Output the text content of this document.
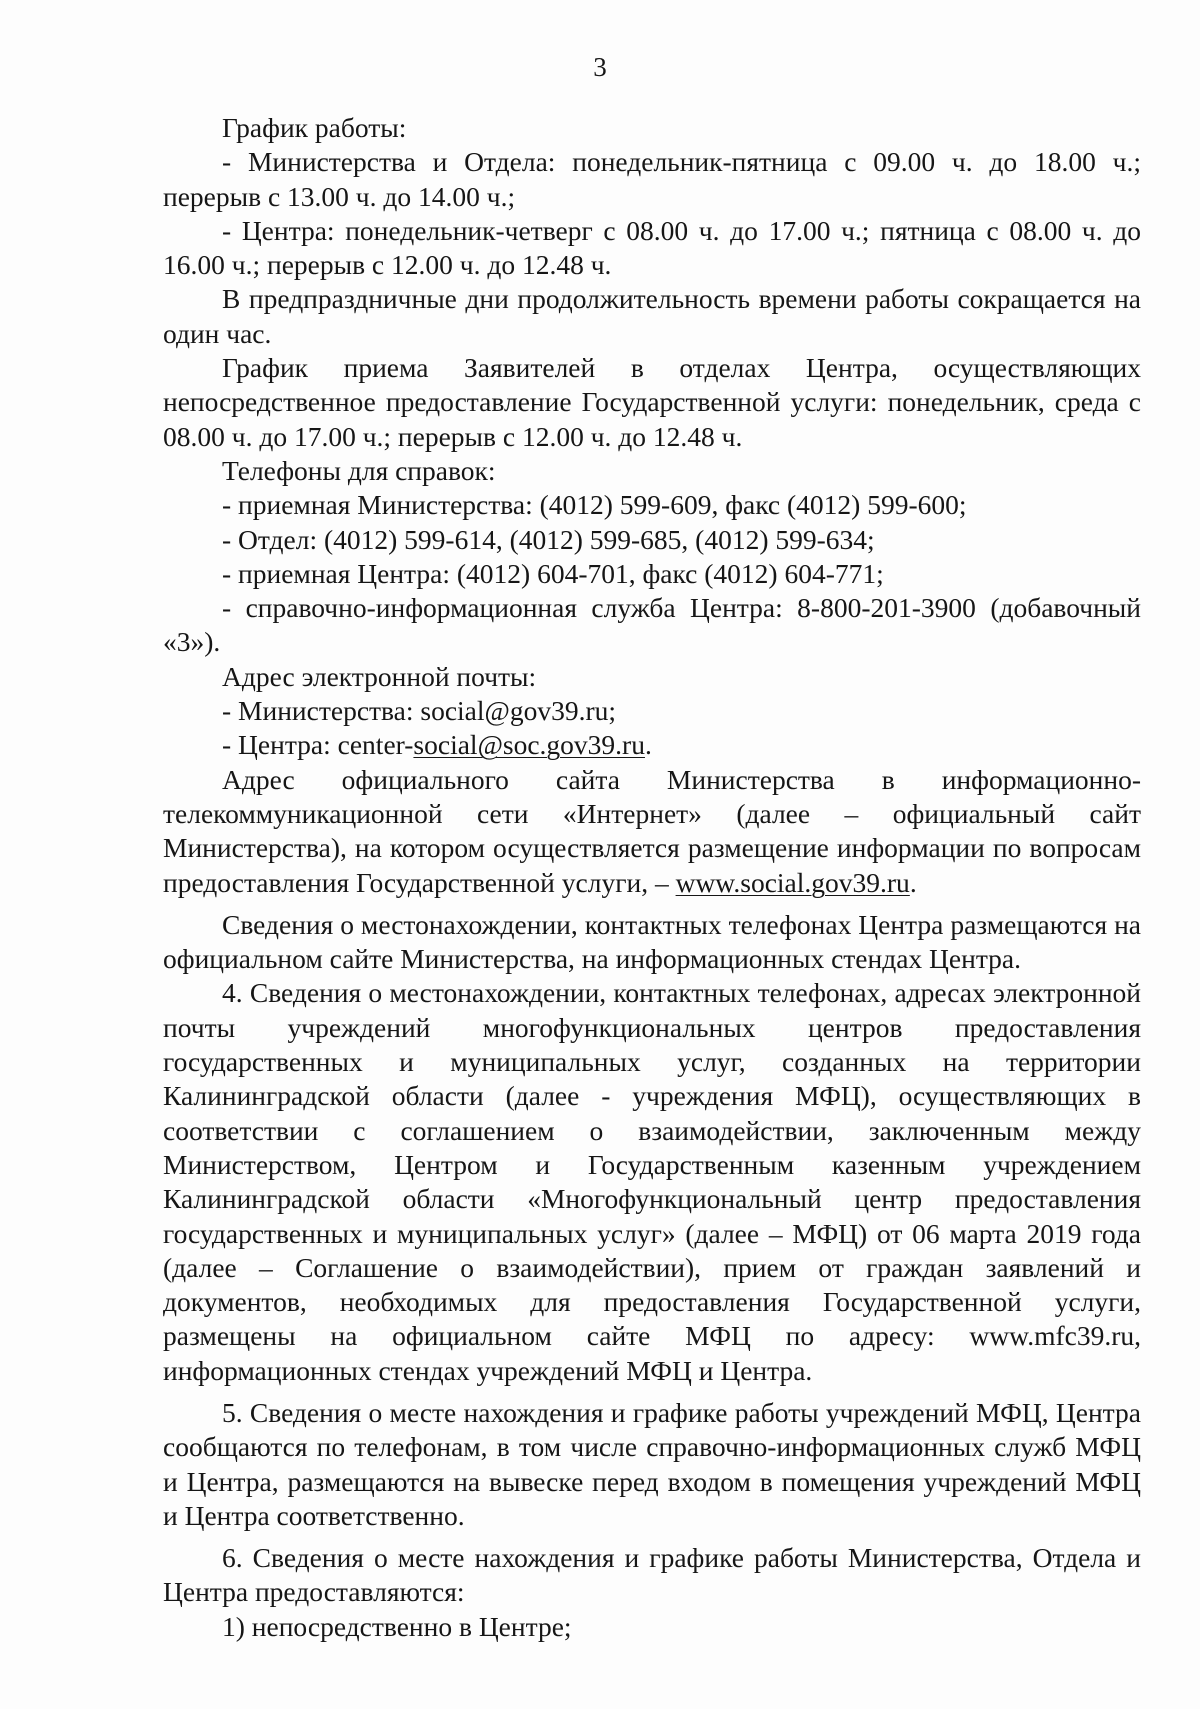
3

График работы:

- Министерства и Отдела: понедельник-пятница с 09.00 ч. до 18.00 ч.; перерыв с 13.00 ч. до 14.00 ч.;

- Центра: понедельник-четверг с 08.00 ч. до 17.00 ч.; пятница с 08.00 ч. до 16.00 ч.; перерыв с 12.00 ч. до 12.48 ч.

В предпраздничные дни продолжительность времени работы сокращается на один час.

График приема Заявителей в отделах Центра, осуществляющих непосредственное предоставление Государственной услуги: понедельник, среда с 08.00 ч. до 17.00 ч.; перерыв с 12.00 ч. до 12.48 ч.

Телефоны для справок:

- приемная Министерства: (4012) 599-609, факс (4012) 599-600;

- Отдел: (4012) 599-614, (4012) 599-685, (4012) 599-634;

- приемная Центра: (4012) 604-701, факс (4012) 604-771;

- справочно-информационная служба Центра: 8-800-201-3900 (добавочный «3»).

Адрес электронной почты:

- Министерства: social@gov39.ru;

- Центра: center-social@soc.gov39.ru.

Адрес официального сайта Министерства в информационно-телекоммуникационной сети «Интернет» (далее – официальный сайт Министерства), на котором осуществляется размещение информации по вопросам предоставления Государственной услуги, – www.social.gov39.ru.

Сведения о местонахождении, контактных телефонах Центра размещаются на официальном сайте Министерства, на информационных стендах Центра.

4. Сведения о местонахождении, контактных телефонах, адресах электронной почты учреждений многофункциональных центров предоставления государственных и муниципальных услуг, созданных на территории Калининградской области (далее - учреждения МФЦ), осуществляющих в соответствии с соглашением о взаимодействии, заключенным между Министерством, Центром и Государственным казенным учреждением Калининградской области «Многофункциональный центр предоставления государственных и муниципальных услуг» (далее – МФЦ) от 06 марта 2019 года (далее – Соглашение о взаимодействии), прием от граждан заявлений и документов, необходимых для предоставления Государственной услуги, размещены на официальном сайте МФЦ по адресу: www.mfc39.ru, информационных стендах учреждений МФЦ и Центра.

5. Сведения о месте нахождения и графике работы учреждений МФЦ, Центра сообщаются по телефонам, в том числе справочно-информационных служб МФЦ и Центра, размещаются на вывеске перед входом в помещения учреждений МФЦ и Центра соответственно.

6. Сведения о месте нахождения и графике работы Министерства, Отдела и Центра предоставляются:

1) непосредственно в Центре;
